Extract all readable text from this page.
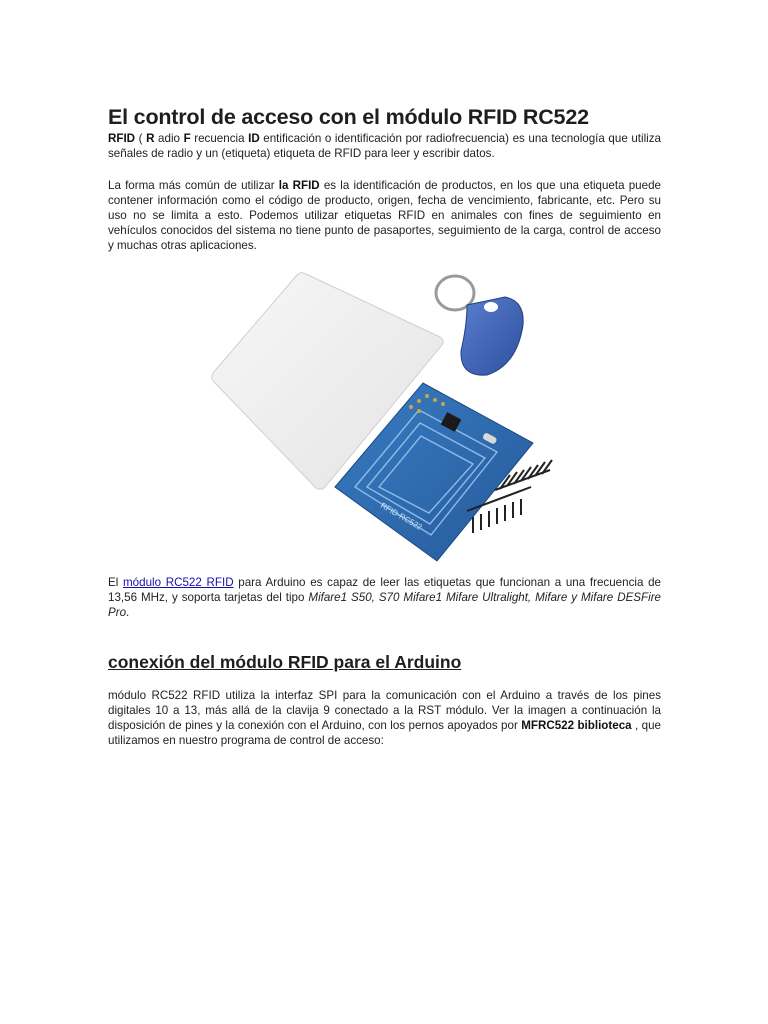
El control de acceso con el módulo RFID RC522

RFID ( R adio F recuencia ID entificación o identificación por radiofrecuencia) es una tecnología que utiliza señales de radio y un (etiqueta) etiqueta de RFID para leer y escribir datos.

La forma más común de utilizar la RFID es la identificación de productos, en los que una etiqueta puede contener información como el código de producto, origen, fecha de vencimiento, fabricante, etc. Pero su uso no se limita a esto. Podemos utilizar etiquetas RFID en animales con fines de seguimiento en vehículos conocidos del sistema no tiene punto de pasaportes, seguimiento de la carga, control de acceso y muchas otras aplicaciones.

El módulo RC522 RFID para Arduino es capaz de leer las etiquetas que funcionan a una frecuencia de 13,56 MHz, y soporta tarjetas del tipo Mifare1 S50, S70 Mifare1 Mifare Ultralight, Mifare y Mifare DESFire Pro.

conexión del módulo RFID para el Arduino

módulo RC522 RFID utiliza la interfaz SPI para la comunicación con el Arduino a través de los pines digitales 10 a 13, más allá de la clavija 9 conectado a la RST módulo. Ver la imagen a continuación la disposición de pines y la conexión con el Arduino, con los pernos apoyados por MFRC522 biblioteca , que utilizamos en nuestro programa de control de acceso:

RFID-RC522
